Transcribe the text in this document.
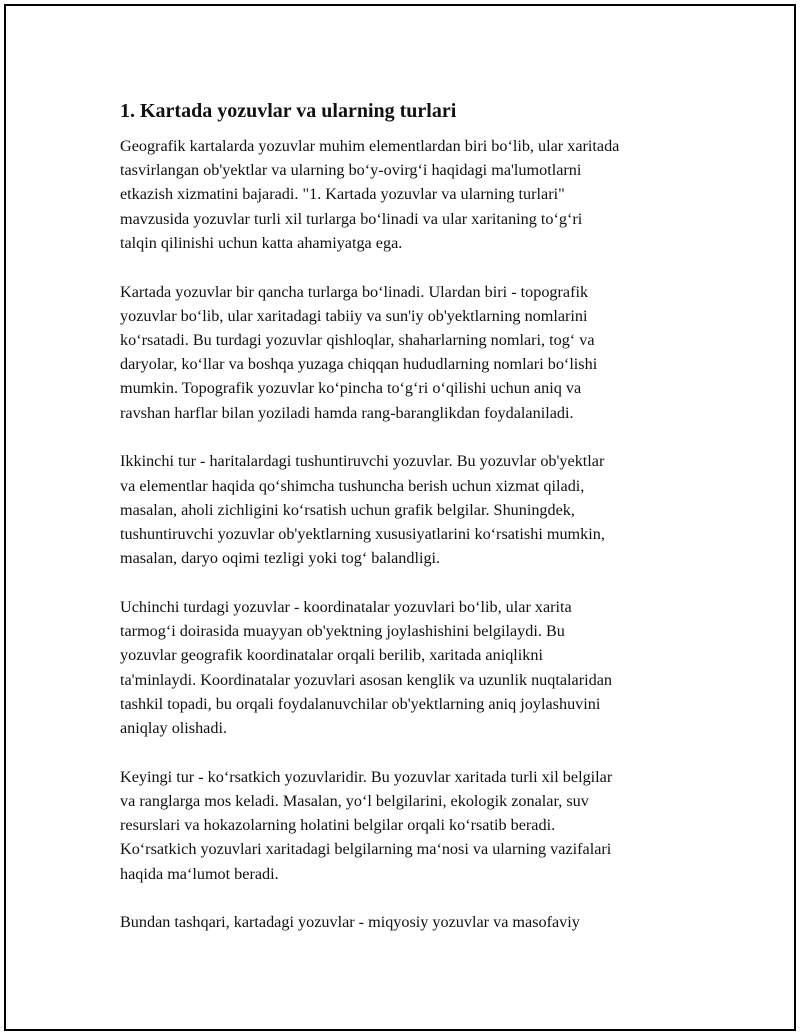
1. Kartada yozuvlar va ularning turlari

Geografik kartalarda yozuvlar muhim elementlardan biri bo‘lib, ular xaritada
tasvirlangan ob'yektlar va ularning bo‘y-ovirg‘i haqidagi ma'lumotlarni
etkazish xizmatini bajaradi. "1. Kartada yozuvlar va ularning turlari"
mavzusida yozuvlar turli xil turlarga bo‘linadi va ular xaritaning to‘g‘ri
talqin qilinishi uchun katta ahamiyatga ega.

Kartada yozuvlar bir qancha turlarga bo‘linadi. Ulardan biri - topografik
yozuvlar bo‘lib, ular xaritadagi tabiiy va sun'iy ob'yektlarning nomlarini
ko‘rsatadi. Bu turdagi yozuvlar qishloqlar, shaharlarning nomlari, tog‘ va
daryolar, ko‘llar va boshqa yuzaga chiqqan hududlarning nomlari bo‘lishi
mumkin. Topografik yozuvlar ko‘pincha to‘g‘ri o‘qilishi uchun aniq va
ravshan harflar bilan yoziladi hamda rang-baranglikdan foydalaniladi.

Ikkinchi tur - haritalardagi tushuntiruvchi yozuvlar. Bu yozuvlar ob'yektlar
va elementlar haqida qo‘shimcha tushuncha berish uchun xizmat qiladi,
masalan, aholi zichligini ko‘rsatish uchun grafik belgilar. Shuningdek,
tushuntiruvchi yozuvlar ob'yektlarning xususiyatlarini ko‘rsatishi mumkin,
masalan, daryo oqimi tezligi yoki tog‘ balandligi.

Uchinchi turdagi yozuvlar - koordinatalar yozuvlari bo‘lib, ular xarita
tarmog‘i doirasida muayyan ob'yektning joylashishini belgilaydi. Bu
yozuvlar geografik koordinatalar orqali berilib, xaritada aniqlikni
ta'minlaydi. Koordinatalar yozuvlari asosan kenglik va uzunlik nuqtalaridan
tashkil topadi, bu orqali foydalanuvchilar ob'yektlarning aniq joylashuvini
aniqlay olishadi.

Keyingi tur - ko‘rsatkich yozuvlaridir. Bu yozuvlar xaritada turli xil belgilar
va ranglarga mos keladi. Masalan, yo‘l belgilarini, ekologik zonalar, suv
resurslari va hokazolarning holatini belgilar orqali ko‘rsatib beradi.
Ko‘rsatkich yozuvlari xaritadagi belgilarning ma‘nosi va ularning vazifalari
haqida ma‘lumot beradi.

Bundan tashqari, kartadagi yozuvlar - miqyosiy yozuvlar va masofaviy
